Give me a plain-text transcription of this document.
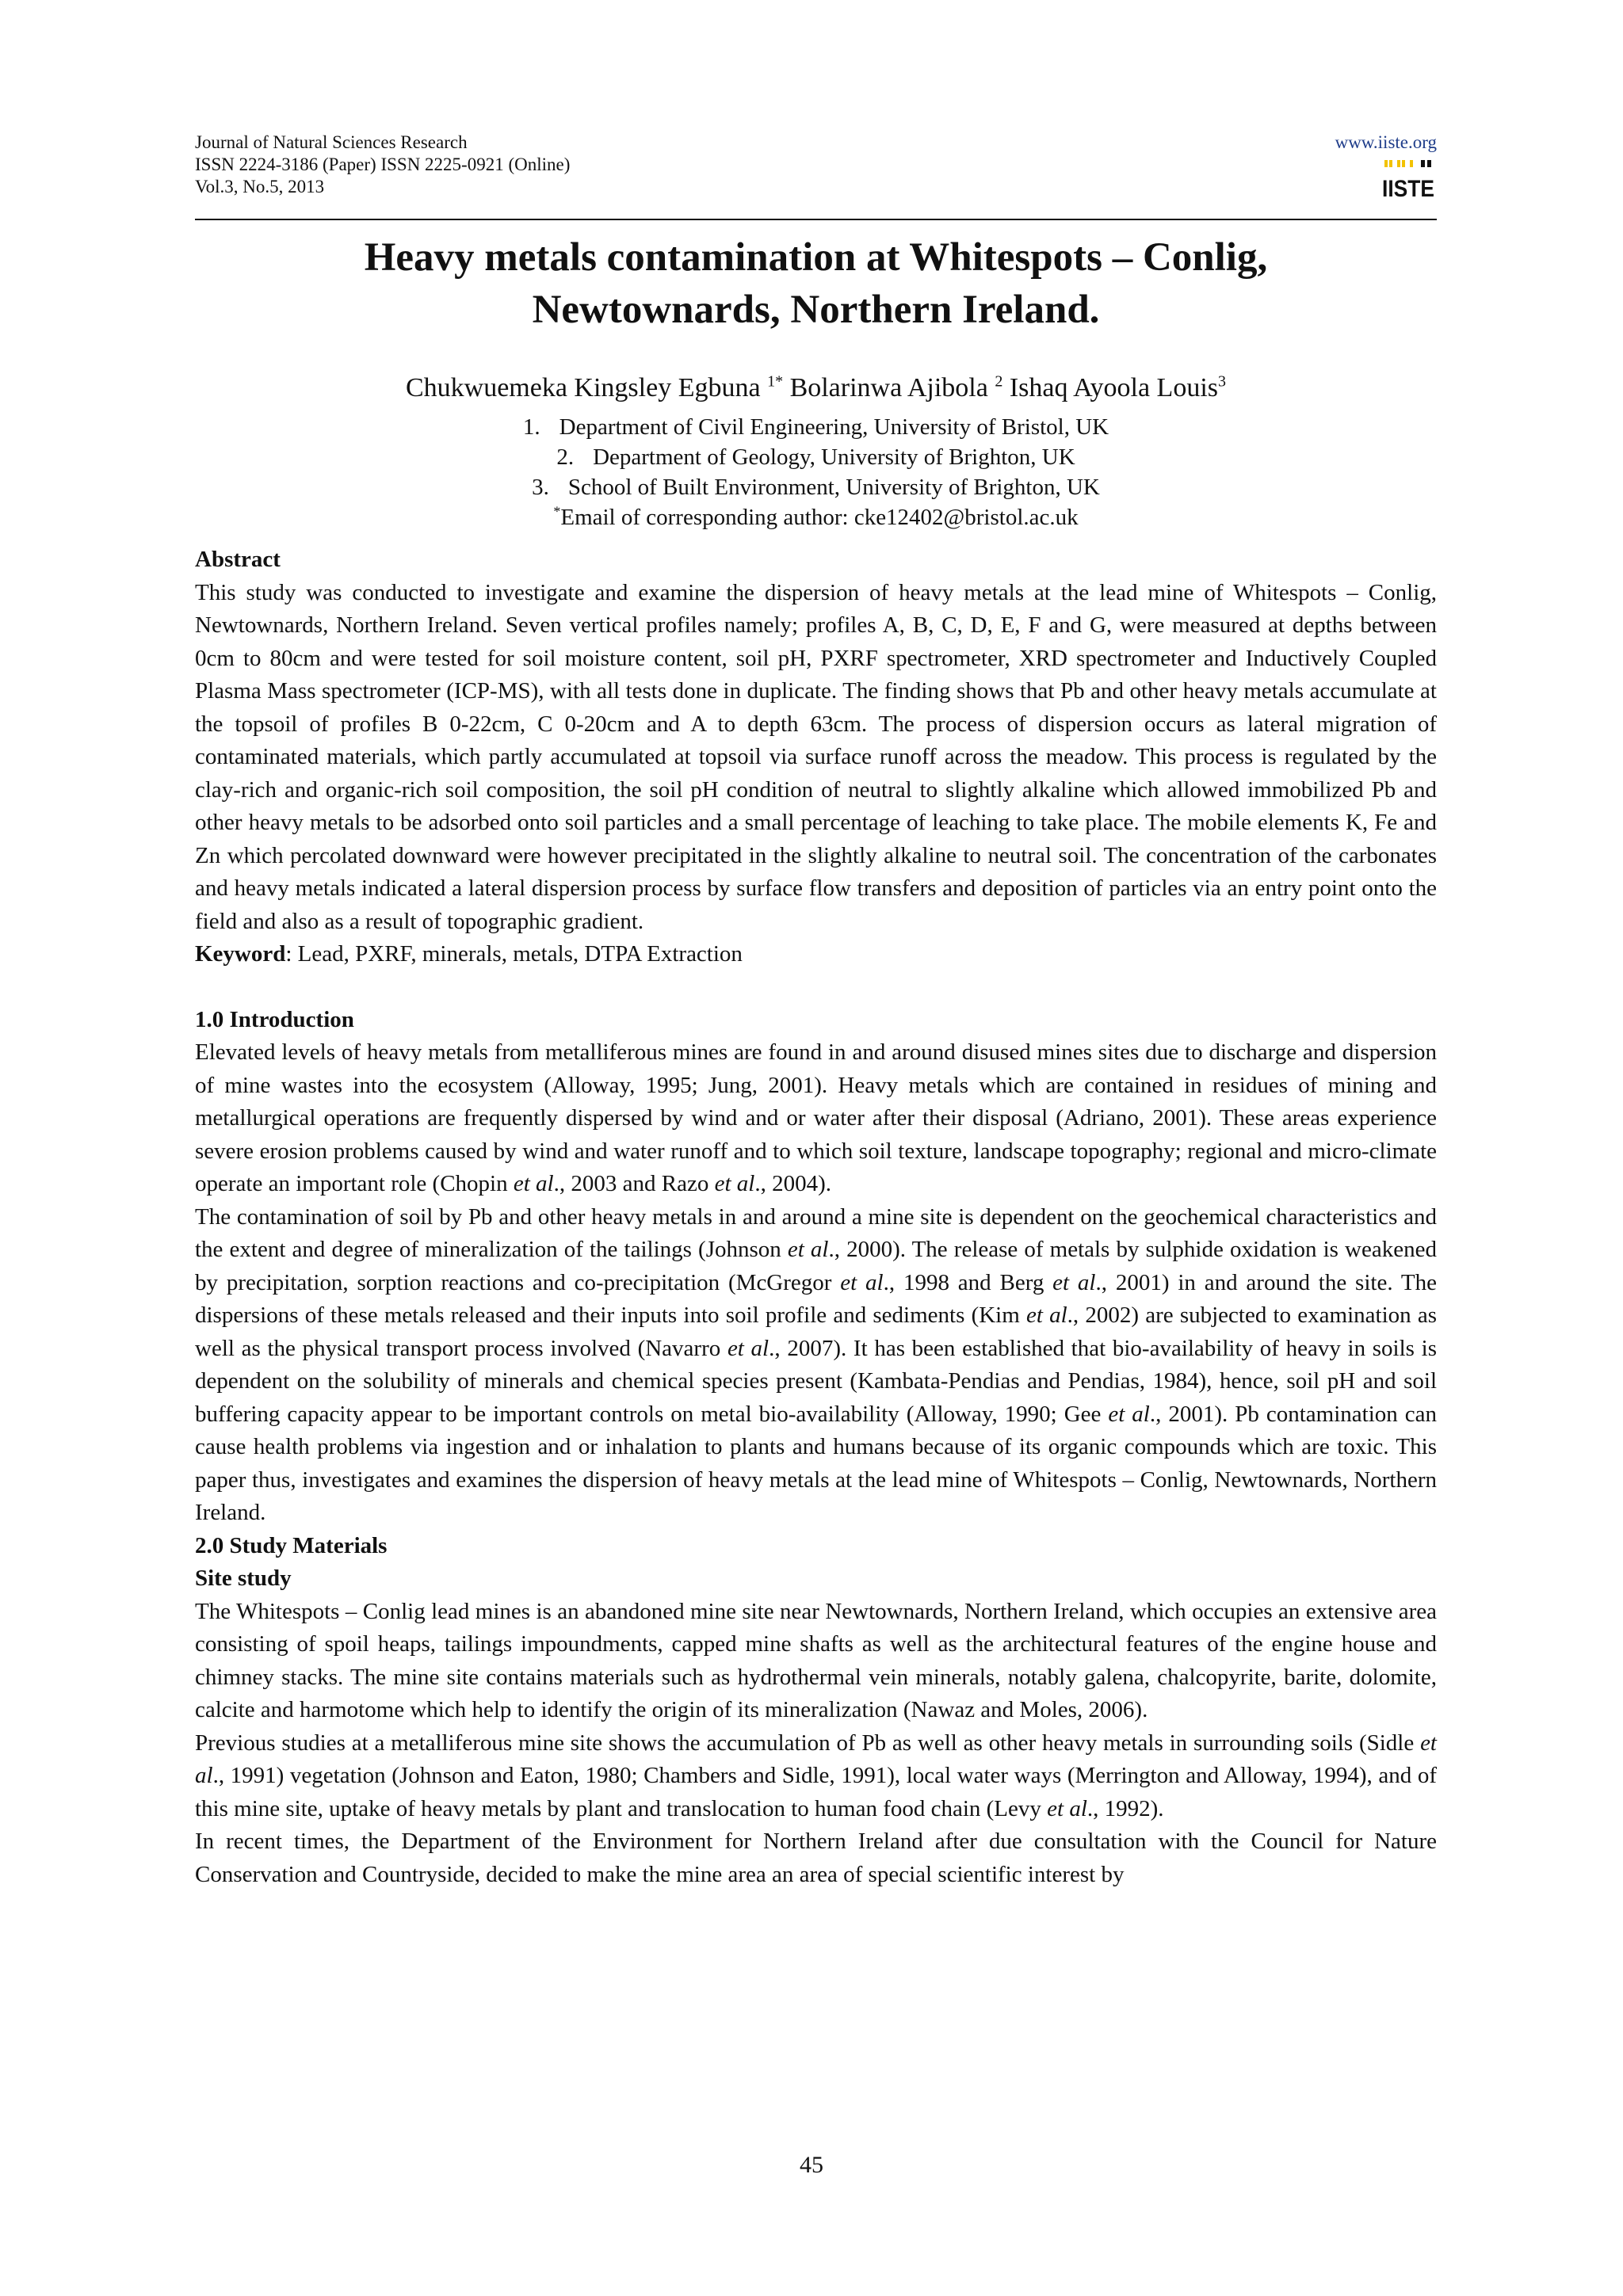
Journal of Natural Sciences Research
ISSN 2224-3186 (Paper) ISSN 2225-0921 (Online)
Vol.3, No.5, 2013
www.iiste.org
IISTE
Heavy metals contamination at Whitespots – Conlig,
Newtownards, Northern Ireland.
Chukwuemeka Kingsley Egbuna $^{1*}$ Bolarinwa Ajibola $^2$ Ishaq Ayoola Louis$^3$
1. Department of Civil Engineering, University of Bristol, UK
2. Department of Geology, University of Brighton, UK
3. School of Built Environment, University of Brighton, UK
*Email of corresponding author: cke12402@bristol.ac.uk

Abstract

This study was conducted to investigate and examine the dispersion of heavy metals at the lead mine of Whitespots – Conlig, Newtownards, Northern Ireland. Seven vertical profiles namely; profiles A, B, C, D, E, F and G, were measured at depths between 0cm to 80cm and were tested for soil moisture content, soil pH, PXRF spectrometer, XRD spectrometer and Inductively Coupled Plasma Mass spectrometer (ICP-MS), with all tests done in duplicate. The finding shows that Pb and other heavy metals accumulate at the topsoil of profiles B 0-22cm, C 0-20cm and A to depth 63cm. The process of dispersion occurs as lateral migration of contaminated materials, which partly accumulated at topsoil via surface runoff across the meadow. This process is regulated by the clay-rich and organic-rich soil composition, the soil pH condition of neutral to slightly alkaline which allowed immobilized Pb and other heavy metals to be adsorbed onto soil particles and a small percentage of leaching to take place. The mobile elements K, Fe and Zn which percolated downward were however precipitated in the slightly alkaline to neutral soil. The concentration of the carbonates and heavy metals indicated a lateral dispersion process by surface flow transfers and deposition of particles via an entry point onto the field and also as a result of topographic gradient.

Keyword: Lead, PXRF, minerals, metals, DTPA Extraction

1.0 Introduction

Elevated levels of heavy metals from metalliferous mines are found in and around disused mines sites due to discharge and dispersion of mine wastes into the ecosystem (Alloway, 1995; Jung, 2001). Heavy metals which are contained in residues of mining and metallurgical operations are frequently dispersed by wind and or water after their disposal (Adriano, 2001). These areas experience severe erosion problems caused by wind and water runoff and to which soil texture, landscape topography; regional and micro-climate operate an important role (Chopin et al., 2003 and Razo et al., 2004).

The contamination of soil by Pb and other heavy metals in and around a mine site is dependent on the geochemical characteristics and the extent and degree of mineralization of the tailings (Johnson et al., 2000). The release of metals by sulphide oxidation is weakened by precipitation, sorption reactions and co-precipitation (McGregor et al., 1998 and Berg et al., 2001) in and around the site. The dispersions of these metals released and their inputs into soil profile and sediments (Kim et al., 2002) are subjected to examination as well as the physical transport process involved (Navarro et al., 2007). It has been established that bio-availability of heavy in soils is dependent on the solubility of minerals and chemical species present (Kambata-Pendias and Pendias, 1984), hence, soil pH and soil buffering capacity appear to be important controls on metal bio-availability (Alloway, 1990; Gee et al., 2001). Pb contamination can cause health problems via ingestion and or inhalation to plants and humans because of its organic compounds which are toxic. This paper thus, investigates and examines the dispersion of heavy metals at the lead mine of Whitespots – Conlig, Newtownards, Northern Ireland.

2.0 Study Materials

Site study

The Whitespots – Conlig lead mines is an abandoned mine site near Newtownards, Northern Ireland, which occupies an extensive area consisting of spoil heaps, tailings impoundments, capped mine shafts as well as the architectural features of the engine house and chimney stacks. The mine site contains materials such as hydrothermal vein minerals, notably galena, chalcopyrite, barite, dolomite, calcite and harmotome which help to identify the origin of its mineralization (Nawaz and Moles, 2006).

Previous studies at a metalliferous mine site shows the accumulation of Pb as well as other heavy metals in surrounding soils (Sidle et al., 1991) vegetation (Johnson and Eaton, 1980; Chambers and Sidle, 1991), local water ways (Merrington and Alloway, 1994), and of this mine site, uptake of heavy metals by plant and translocation to human food chain (Levy et al., 1992).

In recent times, the Department of the Environment for Northern Ireland after due consultation with the Council for Nature Conservation and Countryside, decided to make the mine area an area of special scientific interest by

45
